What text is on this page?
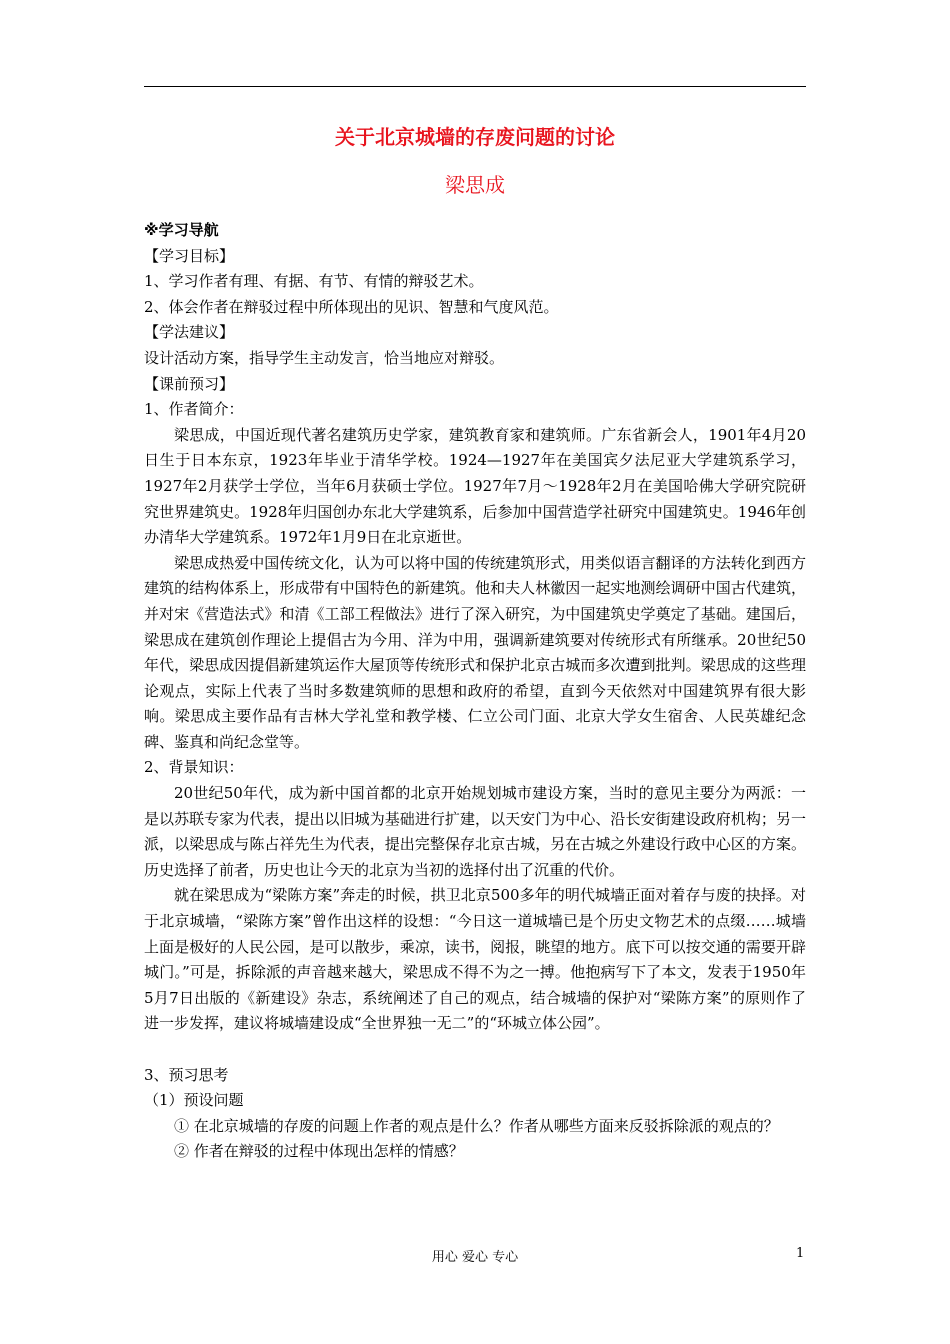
关于北京城墙的存废问题的讨论

梁思成

※学习导航

【学习目标】

1、学习作者有理、有据、有节、有情的辩驳艺术。

2、体会作者在辩驳过程中所体现出的见识、智慧和气度风范。

【学法建议】

设计活动方案，指导学生主动发言，恰当地应对辩驳。

【课前预习】

1、作者简介：

梁思成，中国近现代著名建筑历史学家，建筑教育家和建筑师。广东省新会人，1901年4月20日生于日本东京，1923年毕业于清华学校。1924—1927年在美国宾夕法尼亚大学建筑系学习，1927年2月获学士学位，当年6月获硕士学位。1927年7月～1928年2月在美国哈佛大学研究院研究世界建筑史。1928年归国创办东北大学建筑系，后参加中国营造学社研究中国建筑史。1946年创办清华大学建筑系。1972年1月9日在北京逝世。

梁思成热爱中国传统文化，认为可以将中国的传统建筑形式，用类似语言翻译的方法转化到西方建筑的结构体系上，形成带有中国特色的新建筑。他和夫人林徽因一起实地测绘调研中国古代建筑，并对宋《营造法式》和清《工部工程做法》进行了深入研究，为中国建筑史学奠定了基础。建国后，梁思成在建筑创作理论上提倡古为今用、洋为中用，强调新建筑要对传统形式有所继承。20世纪50年代，梁思成因提倡新建筑运作大屋顶等传统形式和保护北京古城而多次遭到批判。梁思成的这些理论观点，实际上代表了当时多数建筑师的思想和政府的希望，直到今天依然对中国建筑界有很大影响。梁思成主要作品有吉林大学礼堂和教学楼、仁立公司门面、北京大学女生宿舍、人民英雄纪念碑、鉴真和尚纪念堂等。

2、背景知识：

20世纪50年代，成为新中国首都的北京开始规划城市建设方案，当时的意见主要分为两派：一是以苏联专家为代表，提出以旧城为基础进行扩建，以天安门为中心、沿长安街建设政府机构；另一派，以梁思成与陈占祥先生为代表，提出完整保存北京古城，另在古城之外建设行政中心区的方案。历史选择了前者，历史也让今天的北京为当初的选择付出了沉重的代价。

就在梁思成为“梁陈方案”奔走的时候，拱卫北京500多年的明代城墙正面对着存与废的抉择。对于北京城墙，“梁陈方案”曾作出这样的设想：“今日这一道城墙已是个历史文物艺术的点缀……城墙上面是极好的人民公园，是可以散步，乘凉，读书，阅报，眺望的地方。底下可以按交通的需要开辟城门。”可是，拆除派的声音越来越大，梁思成不得不为之一搏。他抱病写下了本文，发表于1950年5月7日出版的《新建设》杂志，系统阐述了自己的观点，结合城墙的保护对“梁陈方案”的原则作了进一步发挥，建议将城墙建设成“全世界独一无二”的“环城立体公园”。

3、预习思考

（1）预设问题

① 在北京城墙的存废的问题上作者的观点是什么？作者从哪些方面来反驳拆除派的观点的？

② 作者在辩驳的过程中体现出怎样的情感？

用心 爱心 专心	1
